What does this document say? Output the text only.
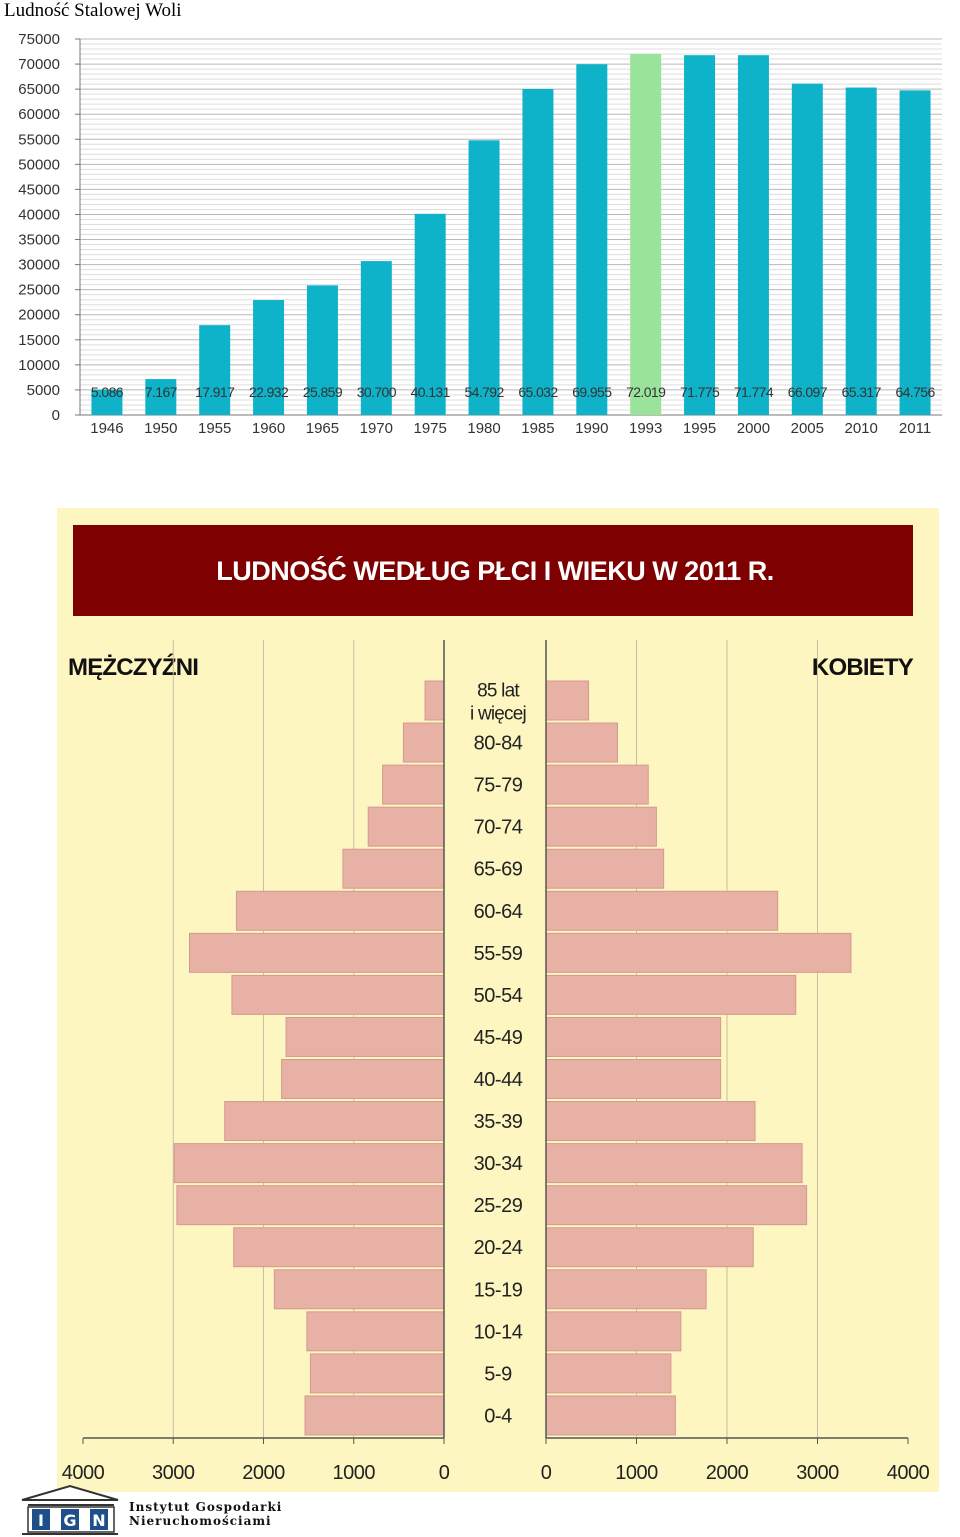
Ludność Stalowej Woli
0
5000
10000
15000
20000
25000
30000
35000
40000
45000
50000
55000
60000
65000
70000
75000
5.086
1946
7.167
1950
17.917
1955
22.932
1960
25.859
1965
30.700
1970
40.131
1975
54.792
1980
65.032
1985
69.955
1990
72.019
1993
71.775
1995
71.774
2000
66.097
2005
65.317
2010
64.756
2011
LUDNOŚĆ WEDŁUG PŁCI I WIEKU W 2011 R.
MĘŻCZYŹNI	KOBIETY
85 lat
i więcej
80-84
75-79
70-74
65-69
60-64
55-59
50-54
45-49
40-44
35-39
30-34
25-29
20-24
15-19
10-14
5-9
0-4
4000 3000 2000 1000	0	0	1000 2000 3000 4000
I G N
Instytut Gospodarki
Nieruchomościami
